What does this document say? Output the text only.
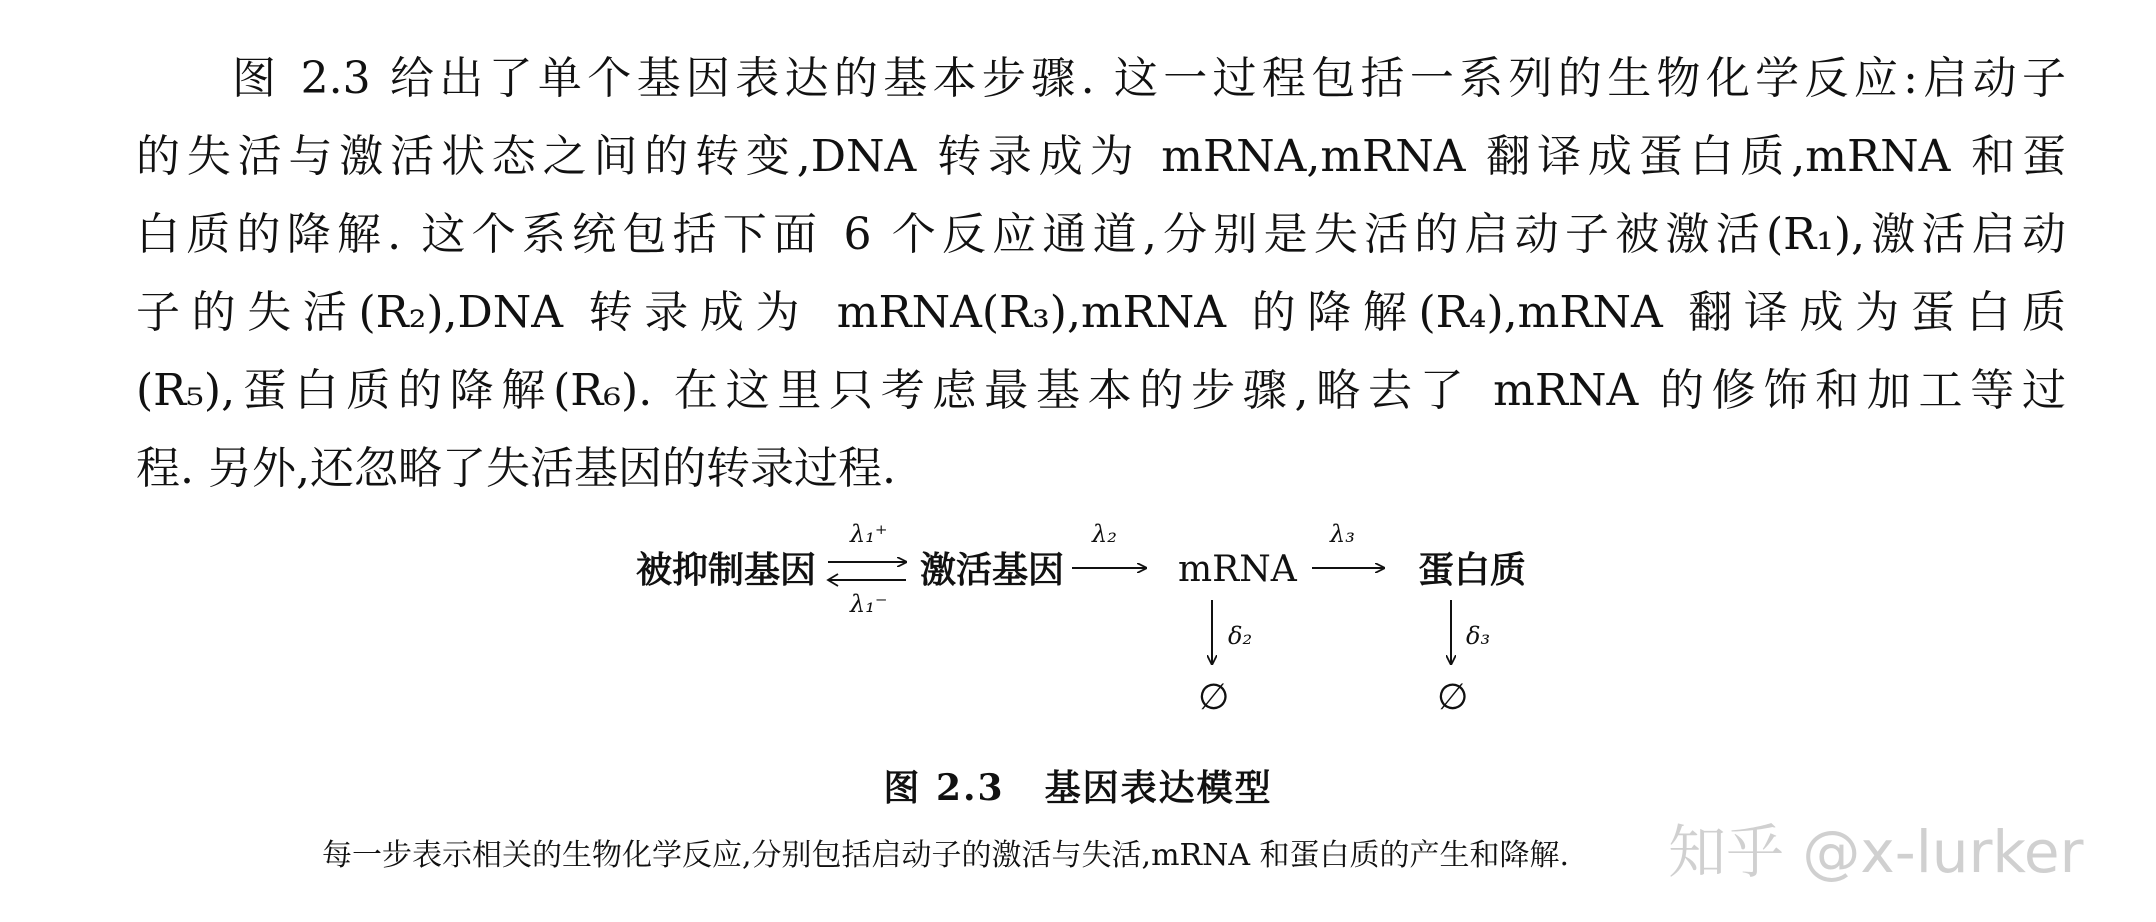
图 2.3 给出了单个基因表达的基本步骤. 这一过程包括一系列的生物化学反应:启动子
的失活与激活状态之间的转变,DNA 转录成为 mRNA,mRNA 翻译成蛋白质,mRNA 和蛋
白质的降解. 这个系统包括下面 6 个反应通道,分别是失活的启动子被激活(R₁),激活启动
子的失活(R₂),DNA 转录成为 mRNA(R₃),mRNA 的降解(R₄),mRNA 翻译成为蛋白质
(R₅),蛋白质的降解(R₆). 在这里只考虑最基本的步骤,略去了 mRNA 的修饰和加工等过
程. 另外,还忽略了失活基因的转录过程.
被抑制基因	激活基因	mRNA	蛋白质
λ₁⁺
λ₁⁻
λ₂	λ₃
δ₂	δ₃
∅	∅
图 2.3 基因表达模型
每一步表示相关的生物化学反应,分别包括启动子的激活与失活,mRNA 和蛋白质的产生和降解. 知乎 @x-lurker
